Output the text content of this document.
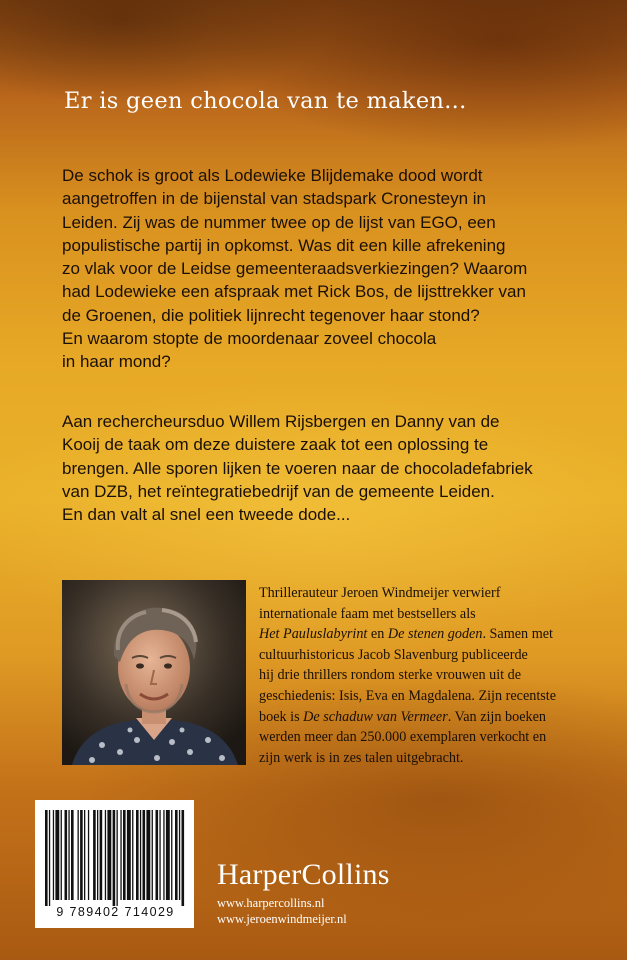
Er is geen chocola van te maken...
De schok is groot als Lodewieke Blijdemake dood wordt
aangetroffen in de bijenstal van stadspark Cronesteyn in
Leiden. Zij was de nummer twee op de lijst van EGO, een
populistische partij in opkomst. Was dit een kille afrekening
zo vlak voor de Leidse gemeenteraadsverkiezingen? Waarom
had Lodewieke een afspraak met Rick Bos, de lijsttrekker van
de Groenen, die politiek lijnrecht tegenover haar stond?
En waarom stopte de moordenaar zoveel chocola
in haar mond?
Aan rechercheursduo Willem Rijsbergen en Danny van de
Kooij de taak om deze duistere zaak tot een oplossing te
brengen. Alle sporen lijken te voeren naar de chocoladefabriek
van DZB, het reïntegratiebedrijf van de gemeente Leiden.
En dan valt al snel een tweede dode...
Thrillerauteur Jeroen Windmeijer verwierf
internationale faam met bestsellers als
Het Pauluslabyrint en De stenen goden. Samen met
cultuurhistoricus Jacob Slavenburg publiceerde
hij drie thrillers rondom sterke vrouwen uit de
geschiedenis: Isis, Eva en Magdalena. Zijn recentste
boek is De schaduw van Vermeer. Van zijn boeken
werden meer dan 250.000 exemplaren verkocht en
zijn werk is in zes talen uitgebracht.

9 789402 714029

HarperCollins

www.harpercollins.nl

www.jeroenwindmeijer.nl
